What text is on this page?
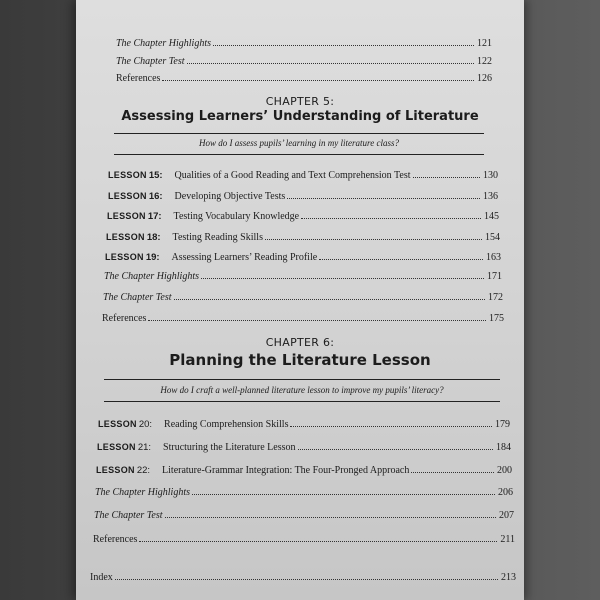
The Chapter Highlights	121
The Chapter Test	122
References	126
CHAPTER 5:
Assessing Learners’ Understanding of Literature
How do I assess pupils’ learning in my literature class?
LESSON 15: Qualities of a Good Reading and Text Comprehension Test	130
LESSON 16: Developing Objective Tests	136
LESSON 17: Testing Vocabulary Knowledge	145
LESSON 18: Testing Reading Skills	154
LESSON 19: Assessing Learners’ Reading Profile	163
The Chapter Highlights	171
The Chapter Test	172
References	175
CHAPTER 6:
Planning the Literature Lesson
How do I craft a well-planned literature lesson to improve my pupils’ literacy?
LESSON 20: Reading Comprehension Skills	179
LESSON 21: Structuring the Literature Lesson	184
LESSON 22: Literature-Grammar Integration: The Four-Pronged Approach	200
The Chapter Highlights	206
The Chapter Test	207
References	211
Index	213
